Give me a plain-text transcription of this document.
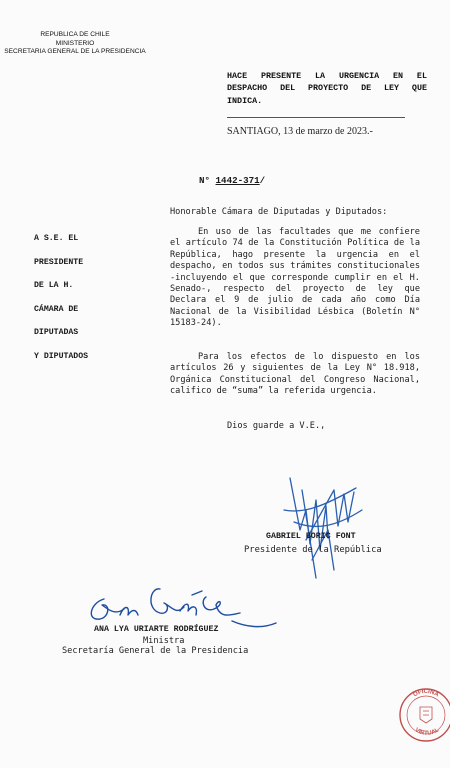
REPUBLICA DE CHILE
MINISTERIO
SECRETARIA GENERAL DE LA PRESIDENCIA
HACE PRESENTE LA URGENCIA EN EL DESPACHO DEL PROYECTO DE LEY QUE INDICA.
SANTIAGO, 13 de marzo de 2023.-
N° 1442-371/
A S.E. EL
PRESIDENTE
DE LA H.
CÁMARA DE
DIPUTADAS
Y DIPUTADOS
Honorable Cámara de Diputadas y Diputados:
En uso de las facultades que me confiere el artículo 74 de la Constitución Política de la República, hago presente la urgencia en el despacho, en todos sus trámites constitucionales -incluyendo el que corresponde cumplir en el H. Senado-, respecto del proyecto de ley que Declara el 9 de julio de cada año como Día Nacional de la Visibilidad Lésbica (Boletín N° 15183-24).
Para los efectos de lo dispuesto en los artículos 26 y siguientes de la Ley N° 18.918, Orgánica Constitucional del Congreso Nacional, califico de “suma” la referida urgencia.
Dios guarde a V.E.,
GABRIEL BORIC FONT
Presidente de la República
ANA LYA URIARTE RODRÍGUEZ
Ministra
Secretaría General de la Presidencia
OFICINA
VIRTUAL
